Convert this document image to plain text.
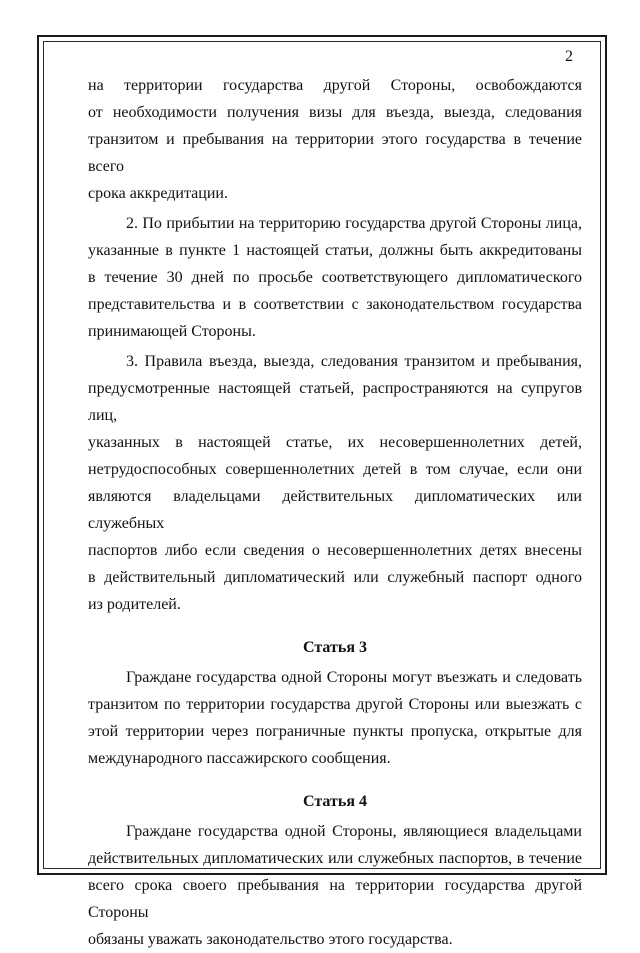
2
на территории государства другой Стороны, освобождаются
от необходимости получения визы для въезда, выезда, следования
транзитом и пребывания на территории этого государства в течение всего
срока аккредитации.
2. По прибытии на территорию государства другой Стороны лица,
указанные в пункте 1 настоящей статьи, должны быть аккредитованы
в течение 30 дней по просьбе соответствующего дипломатического
представительства и в соответствии с законодательством государства
принимающей Стороны.
3. Правила въезда, выезда, следования транзитом и пребывания,
предусмотренные настоящей статьей, распространяются на супругов лиц,
указанных в настоящей статье, их несовершеннолетних детей,
нетрудоспособных совершеннолетних детей в том случае, если они
являются владельцами действительных дипломатических или служебных
паспортов либо если сведения о несовершеннолетних детях внесены
в действительный дипломатический или служебный паспорт одного
из родителей.
Статья 3
Граждане государства одной Стороны могут въезжать и следовать
транзитом по территории государства другой Стороны или выезжать с
этой территории через пограничные пункты пропуска, открытые для
международного пассажирского сообщения.
Статья 4
Граждане государства одной Стороны, являющиеся владельцами
действительных дипломатических или служебных паспортов, в течение
всего срока своего пребывания на территории государства другой Стороны
обязаны уважать законодательство этого государства.
